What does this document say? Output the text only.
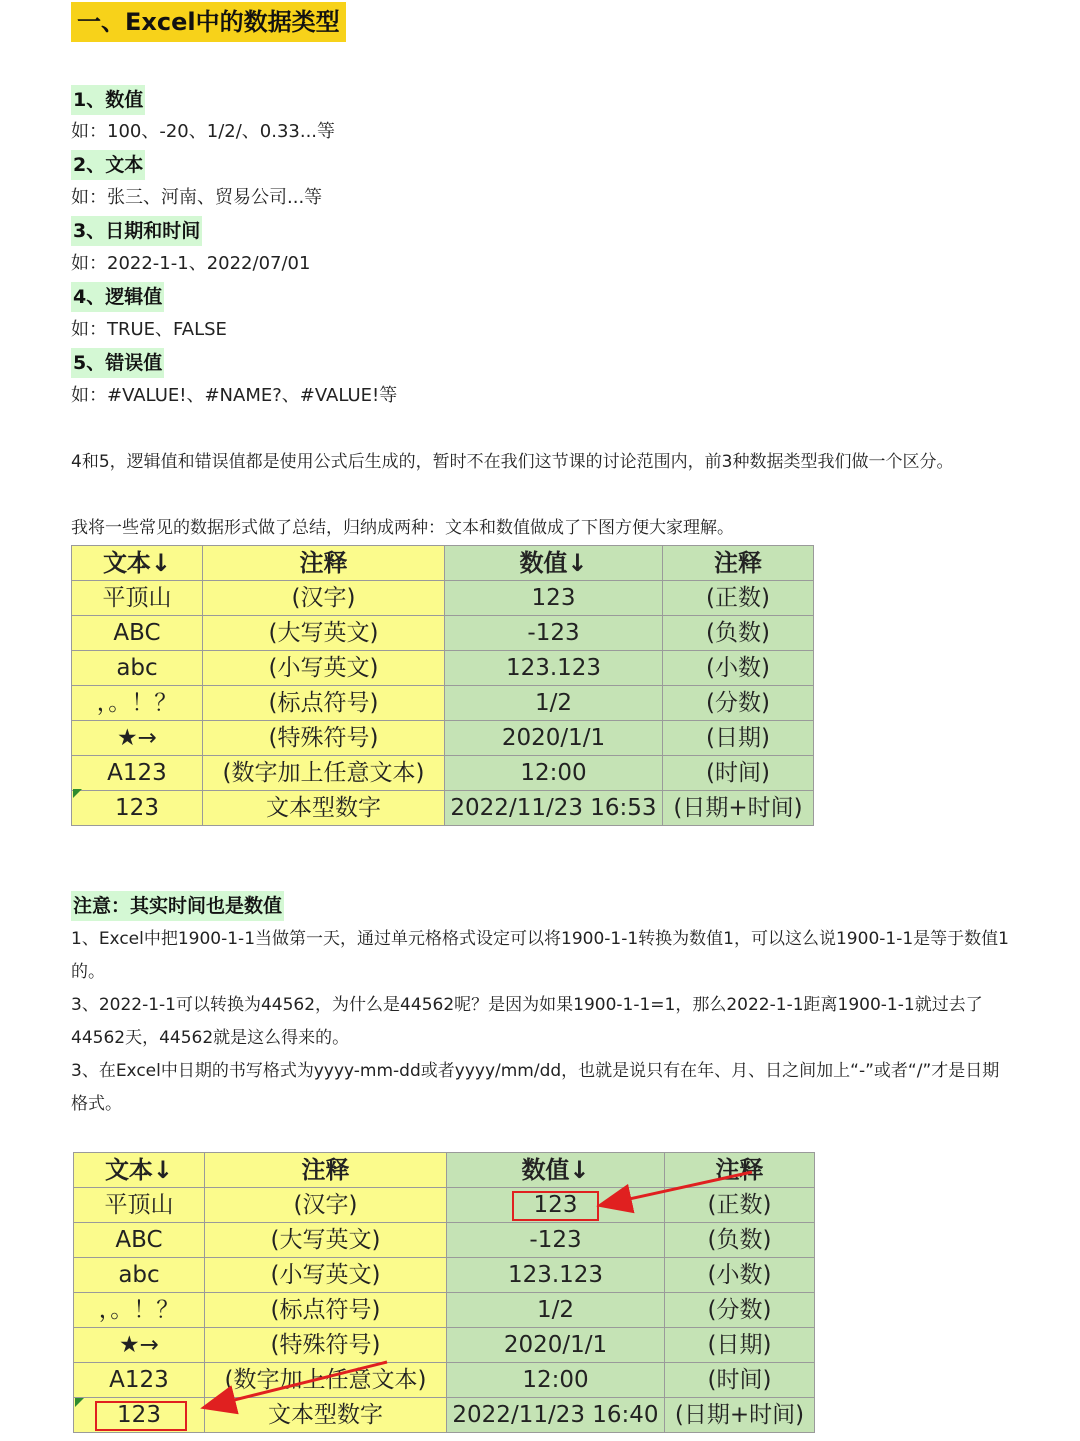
一、Excel中的数据类型
1、数值
如：100、-20、1/2/、0.33...等
2、文本
如：张三、河南、贸易公司...等
3、日期和时间
如：2022-1-1、2022/07/01
4、逻辑值
如：TRUE、FALSE
5、错误值
如：#VALUE!、#NAME?、#VALUE!等
4和5，逻辑值和错误值都是使用公式后生成的，暂时不在我们这节课的讨论范围内，前3种数据类型我们做一个区分。
我将一些常见的数据形式做了总结，归纳成两种：文本和数值做成了下图方便大家理解。
文本↓	注释	数值↓	注释
平顶山	(汉字)	123	(正数)
ABC	(大写英文)	-123	(负数)
abc	(小写英文)	123.123	(小数)
，。！？	(标点符号)	1/2	(分数)
★→	(特殊符号)	2020/1/1	(日期)
A123	(数字加上任意文本)	12:00	(时间)
123	文本型数字	2022/11/23 16:53	(日期+时间)
注意：其实时间也是数值
1、Excel中把1900-1-1当做第一天，通过单元格格式设定可以将1900-1-1转换为数值1，可以这么说1900-1-1是等于数值1的。
3、2022-1-1可以转换为44562，为什么是44562呢？是因为如果1900-1-1=1，那么2022-1-1距离1900-1-1就过去了44562天，44562就是这么得来的。
3、在Excel中日期的书写格式为yyyy-mm-dd或者yyyy/mm/dd，也就是说只有在年、月、日之间加上“-”或者“/”才是日期格式。
文本↓	注释	数值↓	注释
平顶山	(汉字)	123	(正数)
ABC	(大写英文)	-123	(负数)
abc	(小写英文)	123.123	(小数)
，。！？	(标点符号)	1/2	(分数)
★→	(特殊符号)	2020/1/1	(日期)
A123	(数字加上任意文本)	12:00	(时间)
123	文本型数字	2022/11/23 16:40	(日期+时间)
